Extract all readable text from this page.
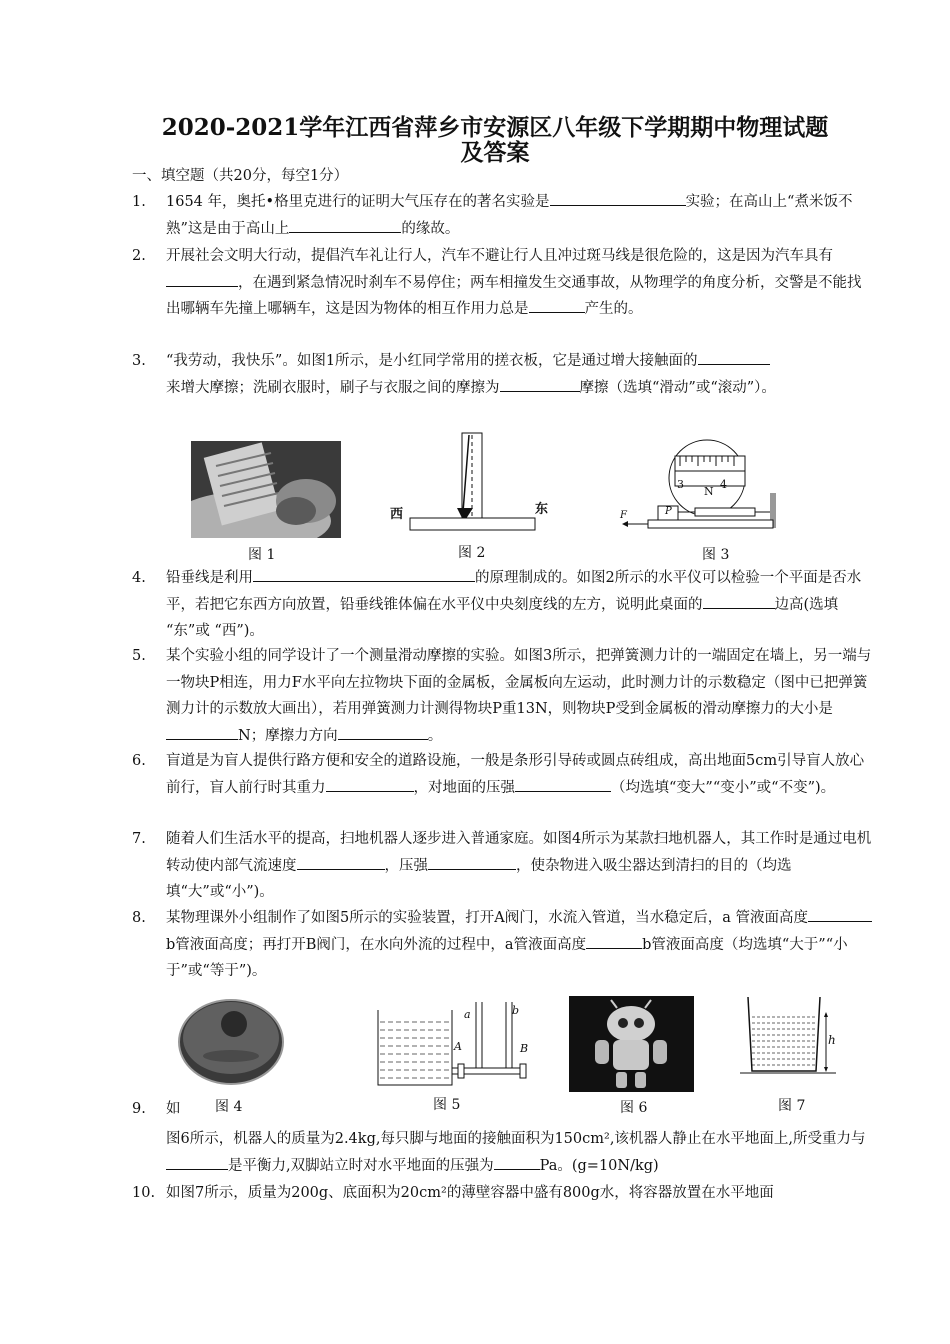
2020-2021学年江西省萍乡市安源区八年级下学期期中物理试题
及答案
一、填空题（共20分，每空1分）
1.	1654 年，奥托•格里克进行的证明大气压存在的著名实验是	实验；在高山上“煮米饭不熟”这是由于高山上	的缘故。
2.	开展社会文明大行动，提倡汽车礼让行人，汽车不避让行人且冲过斑马线是很危险的，这是因为汽车具有，在遇到紧急情况时刹车不易停住；两车相撞发生交通事故，从物理学的角度分析，交警是不能找出哪辆车先撞上哪辆车，这是因为物体的相互作用力总是	产生的。
3.	“我劳动，我快乐”。如图1所示，是小红同学常用的搓衣板，它是通过增大接触面的
来增大摩擦；洗刷衣服时，刷子与衣服之间的摩擦为	摩擦（选填“滑动”或“滚动”）。
图 1
西	东
图 2
3
N
4
P
F
图 3
4.	铅垂线是利用	的原理制成的。如图2所示的水平仪可以检验一个平面是否水平，若把它东西方向放置，铅垂线锥体偏在水平仪中央刻度线的左方，说明此桌面的	边高(选填 “东”或 “西”)。
5.	某个实验小组的同学设计了一个测量滑动摩擦的实验。如图3所示，把弹簧测力计的一端固定在墙上，另一端与一物块P相连，用力F水平向左拉物块下面的金属板，金属板向左运动，此时测力计的示数稳定（图中已把弹簧测力计的示数放大画出），若用弹簧测力计测得物块P重13N，则物块P受到金属板的滑动摩擦力的大小是N；摩擦力方向	。
6.	盲道是为盲人提供行路方便和安全的道路设施，一般是条形引导砖或圆点砖组成，高出地面5cm引导盲人放心前行，盲人前行时其重力	，对地面的压强	（均选填“变大”“变小”或“不变”)。
7.	随着人们生活水平的提高，扫地机器人逐步进入普通家庭。如图4所示为某款扫地机器人，其工作时是通过电机转动使内部气流速度	，压强	，使杂物进入吸尘器达到清扫的目的（均选填“大”或“小”)。
8.	某物理课外小组制作了如图5所示的实验装置，打开A阀门，水流入管道，当水稳定后，a 管液面高度b管液面高度；再打开B阀门，在水向外流的过程中，a管液面高度	b管液面高度（均选填“大于”“小于”或“等于”)。
图 4
a	b
A	B
图 5	图 6
h
图 7
9.	如
图6所示，机器人的质量为2.4kg,每只脚与地面的接触面积为150cm²,该机器人静止在水平地面上,所受重力与是平衡力,双脚站立时对水平地面的压强为	Pa。(g=10N/kg)
10. 如图7所示，质量为200g、底面积为20cm²的薄壁容器中盛有800g水，将容器放置在水平地面
